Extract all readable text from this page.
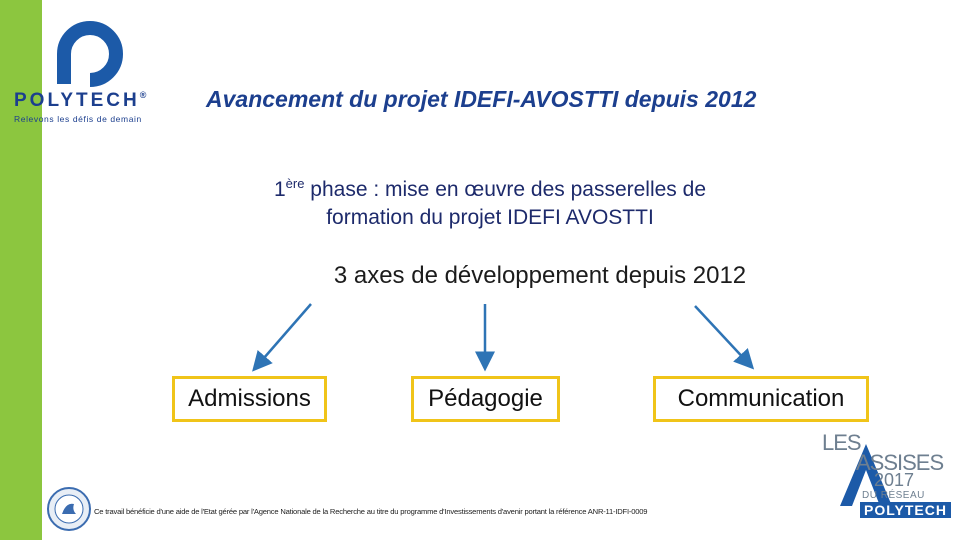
POLYTECH®
Relevons les défis de demain
Avancement du projet IDEFI-AVOSTTI depuis 2012
1ère phase : mise en œuvre des passerelles de
formation du projet IDEFI AVOSTTI
3 axes de développement depuis 2012
Admissions	Pédagogie	Communication
Ce travail bénéficie d'une aide de l'Etat gérée par l'Agence Nationale de la Recherche au titre du programme d'Investissements d'avenir portant la référence ANR-11-IDFI-0009
LES
ASSISES
2017
DU RÉSEAU
POLYTECH
